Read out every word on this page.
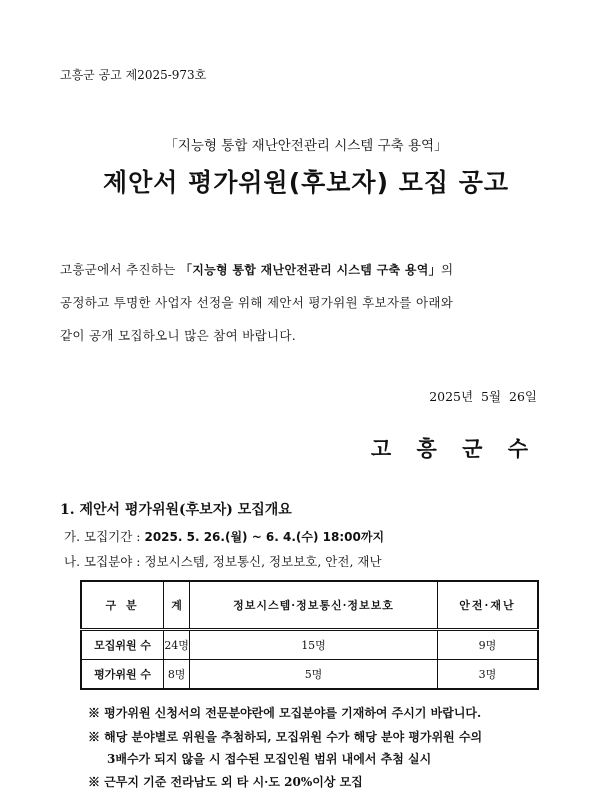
고흥군 공고 제2025-973호
「지능형 통합 재난안전관리 시스템 구축 용역」
제안서 평가위원(후보자) 모집 공고
고흥군에서 추진하는 「지능형 통합 재난안전관리 시스템 구축 용역」의
공정하고 투명한 사업자 선정을 위해 제안서 평가위원 후보자를 아래와
같이 공개 모집하오니 많은 참여 바랍니다.
2025년  5월  26일
고 흥 군 수
1. 제안서 평가위원(후보자) 모집개요
가. 모집기간 : 2025. 5. 26.(월) ~ 6. 4.(수) 18:00까지
나. 모집분야 : 정보시스템, 정보통신, 정보보호, 안전, 재난
구 분	계	정보시스템·정보통신·정보보호	안전·재난
모집위원 수	24명	15명	9명
평가위원 수	8명	5명	3명
※ 평가위원 신청서의 전문분야란에 모집분야를 기재하여 주시기 바랍니다.
※ 해당 분야별로 위원을 추첨하되, 모집위원 수가 해당 분야 평가위원 수의
3배수가 되지 않을 시 접수된 모집인원 범위 내에서 추첨 실시
※ 근무지 기준 전라남도 외 타 시·도 20%이상 모집
